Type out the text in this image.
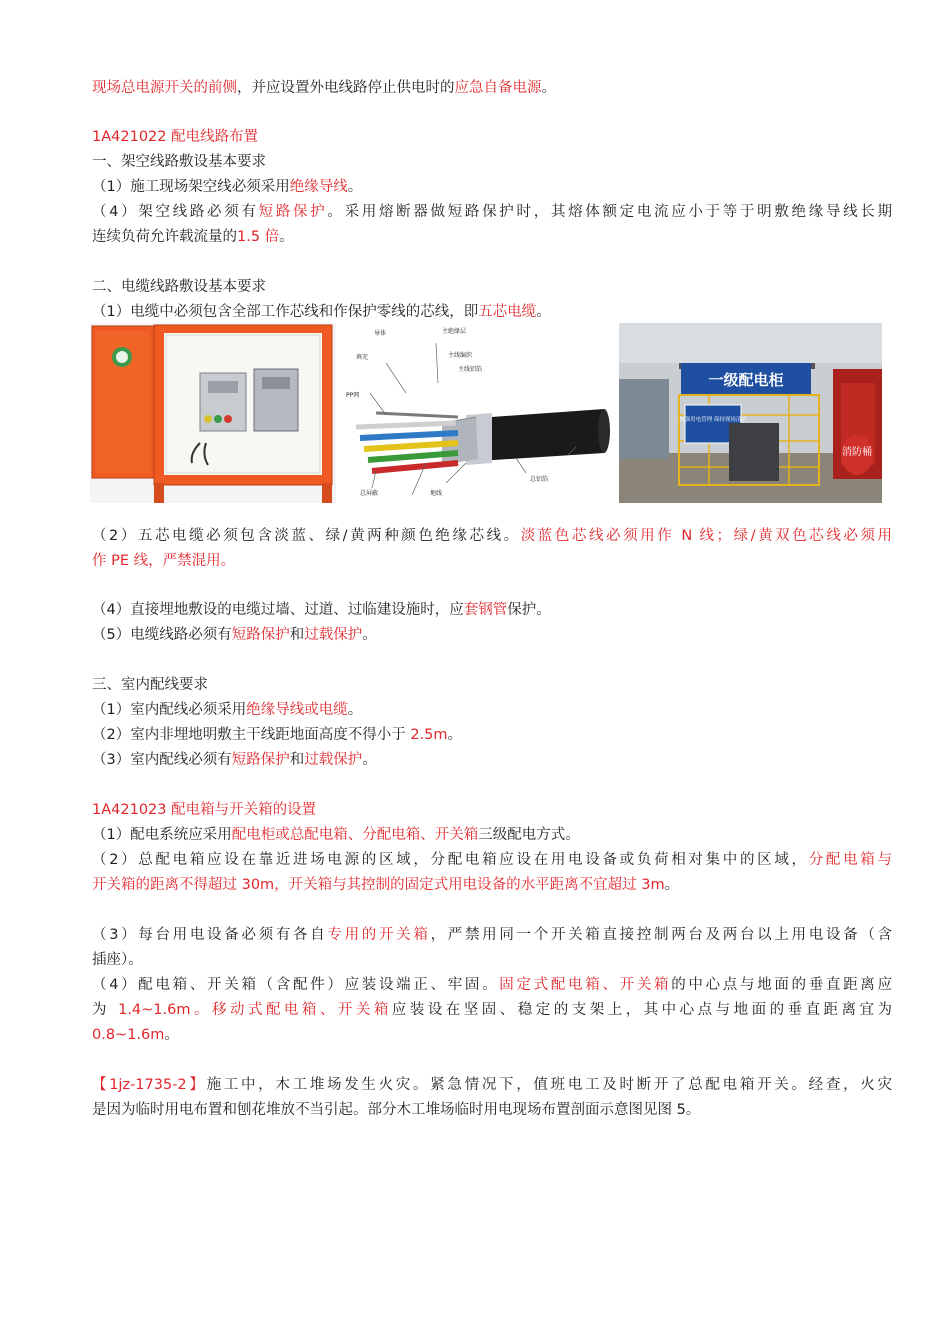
现场总电源开关的前侧，并应设置外电线路停止供电时的应急自备电源。
1A421022 配电线路布置
一、架空线路敷设基本要求
（1）施工现场架空线必须采用绝缘导线。
（4）架空线路必须有短路保护。采用熔断器做短路保护时，其熔体额定电流应小于等于明敷绝缘导线长期
连续负荷允许载流量的1.5 倍。
二、电缆线路敷设基本要求
（1）电缆中必须包含全部工作芯线和作保护零线的芯线，即五芯电缆。
导体	主绝缘层
填充	主线编织
PP网
主线铝箔
护套
地线
总屏蔽
总铝箔
一级配电柜
加强用电管理 保持现场清洁
消防桶
（2）五芯电缆必须包含淡蓝、绿/黄两种颜色绝缘芯线。淡蓝色芯线必须用作 N 线；绿/黄双色芯线必须用
作 PE 线，严禁混用。
（4）直接埋地敷设的电缆过墙、过道、过临建设施时，应套钢管保护。
（5）电缆线路必须有短路保护和过载保护。
三、室内配线要求
（1）室内配线必须采用绝缘导线或电缆。
（2）室内非埋地明敷主干线距地面高度不得小于 2.5m。
（3）室内配线必须有短路保护和过载保护。
1A421023 配电箱与开关箱的设置
（1）配电系统应采用配电柜或总配电箱、分配电箱、开关箱三级配电方式。
（2）总配电箱应设在靠近进场电源的区域，分配电箱应设在用电设备或负荷相对集中的区域，分配电箱与
开关箱的距离不得超过 30m，开关箱与其控制的固定式用电设备的水平距离不宜超过 3m。
（3）每台用电设备必须有各自专用的开关箱，严禁用同一个开关箱直接控制两台及两台以上用电设备（含
插座）。
（4）配电箱、开关箱（含配件）应装设端正、牢固。固定式配电箱、开关箱的中心点与地面的垂直距离应
为 1.4~1.6m。移动式配电箱、开关箱应装设在坚固、稳定的支架上，其中心点与地面的垂直距离宜为
0.8~1.6m。
【1jz-1735-2】施工中，木工堆场发生火灾。紧急情况下，值班电工及时断开了总配电箱开关。经查，火灾
是因为临时用电布置和刨花堆放不当引起。部分木工堆场临时用电现场布置剖面示意图见图 5。
